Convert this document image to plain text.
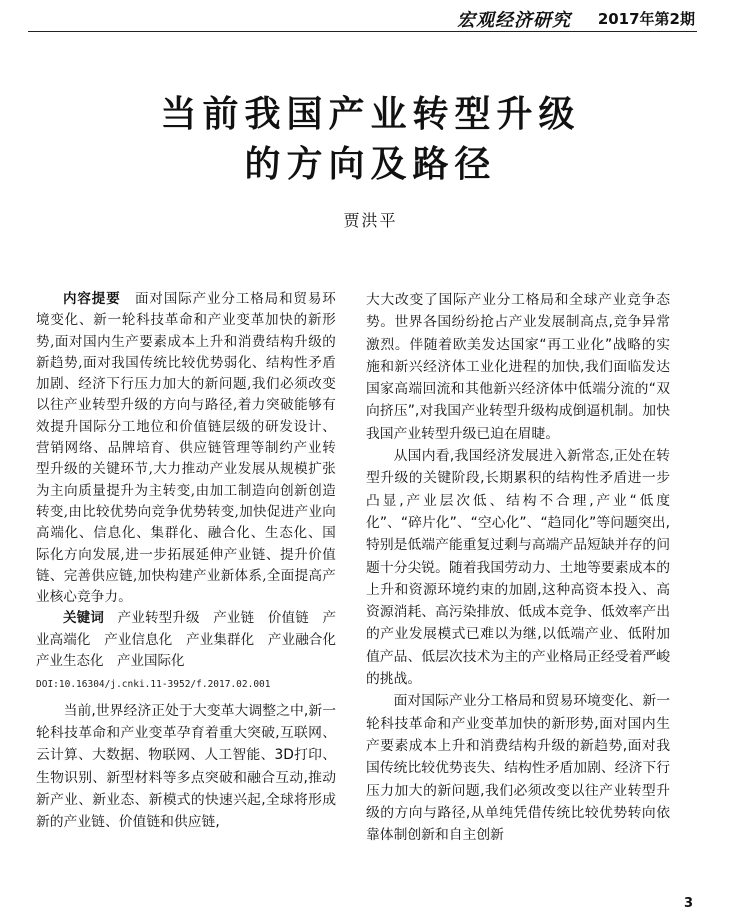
宏观经济研究 2017年第2期
当前我国产业转型升级
的方向及路径
贾洪平

内容提要　 面对国际产业分工格局和贸易环境变化、新一轮科技革命和产业变革加快的新形势,面对国内生产要素成本上升和消费结构升级的新趋势,面对我国传统比较优势弱化、结构性矛盾加剧、经济下行压力加大的新问题,我们必须改变以往产业转型升级的方向与路径,着力突破能够有效提升国际分工地位和价值链层级的研发设计、营销网络、品牌培育、供应链管理等制约产业转型升级的关键环节,大力推动产业发展从规模扩张为主向质量提升为主转变,由加工制造向创新创造转变,由比较优势向竞争优势转变,加快促进产业向高端化、信息化、集群化、融合化、生态化、国际化方向发展,进一步拓展延伸产业链、提升价值链、完善供应链,加快构建产业新体系,全面提高产业核心竞争力。

关键词　 产业转型升级　产业链　价值链　产业高端化　产业信息化　产业集群化　产业融合化　产业生态化　产业国际化

DOI:10.16304/j.cnki.11-3952/f.2017.02.001

当前,世界经济正处于大变革大调整之中,新一轮科技革命和产业变革孕育着重大突破,互联网、云计算、大数据、物联网、人工智能、3D打印、生物识别、新型材料等多点突破和融合互动,推动新产业、新业态、新模式的快速兴起,全球将形成新的产业链、价值链和供应链,

大大改变了国际产业分工格局和全球产业竞争态势。世界各国纷纷抢占产业发展制高点,竞争异常激烈。伴随着欧美发达国家“再工业化”战略的实施和新兴经济体工业化进程的加快,我们面临发达国家高端回流和其他新兴经济体中低端分流的“双向挤压”,对我国产业转型升级构成倒逼机制。加快我国产业转型升级已迫在眉睫。

从国内看,我国经济发展进入新常态,正处在转型升级的关键阶段,长期累积的结构性矛盾进一步凸显,产业层次低、结构不合理,产业“低度化”、“碎片化”、“空心化”、“趋同化”等问题突出,特别是低端产能重复过剩与高端产品短缺并存的问题十分尖锐。随着我国劳动力、土地等要素成本的上升和资源环境约束的加剧,这种高资本投入、高资源消耗、高污染排放、低成本竞争、低效率产出的产业发展模式已难以为继,以低端产业、低附加值产品、低层次技术为主的产业格局正经受着严峻的挑战。

面对国际产业分工格局和贸易环境变化、新一轮科技革命和产业变革加快的新形势,面对国内生产要素成本上升和消费结构升级的新趋势,面对我国传统比较优势丧失、结构性矛盾加剧、经济下行压力加大的新问题,我们必须改变以往产业转型升级的方向与路径,从单纯凭借传统比较优势转向依靠体制创新和自主创新

3
